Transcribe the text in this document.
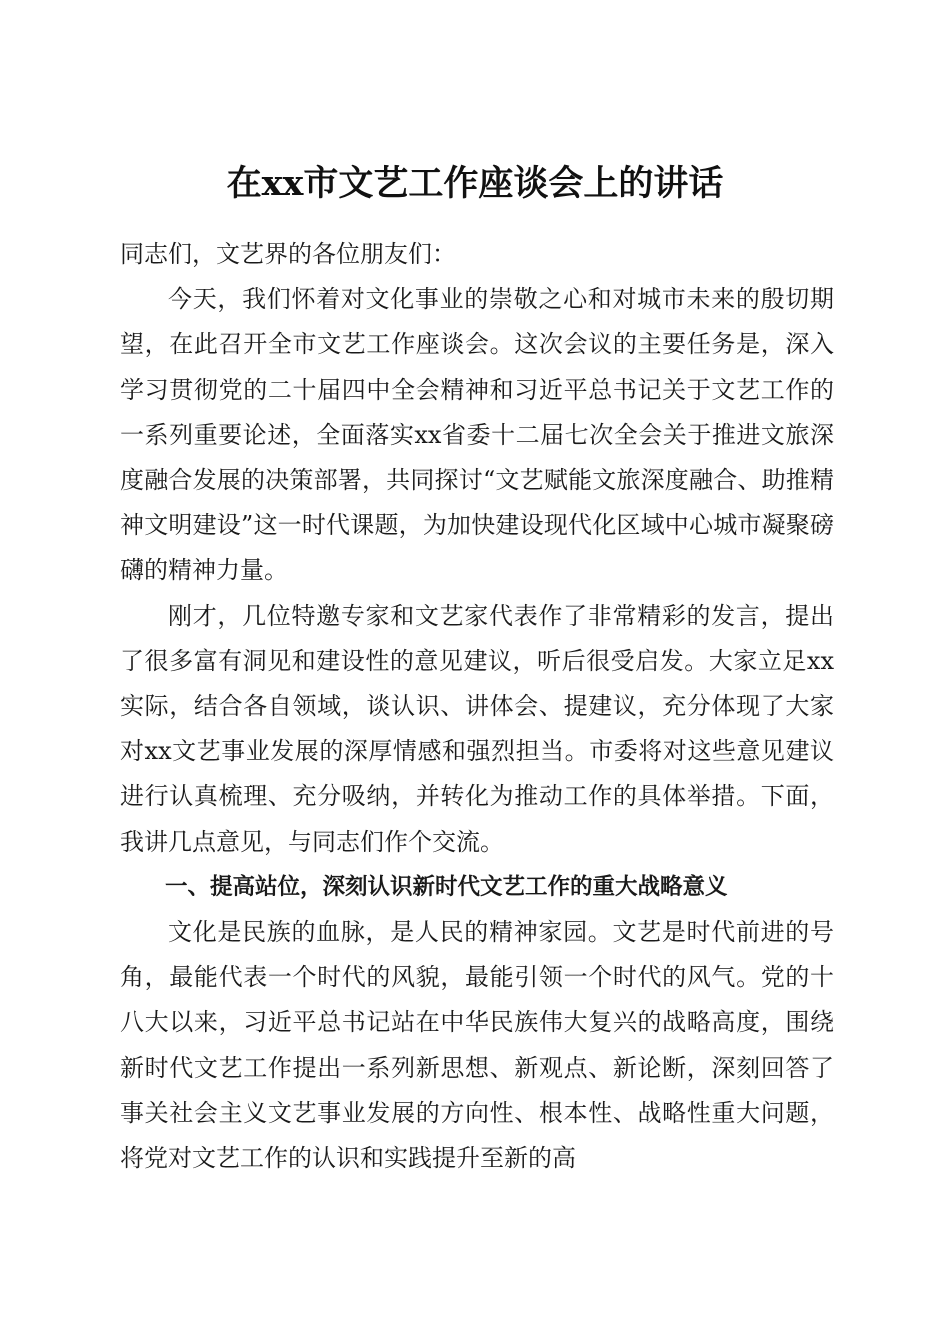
在xx市文艺工作座谈会上的讲话

同志们，文艺界的各位朋友们：

今天，我们怀着对文化事业的崇敬之心和对城市未来的殷切期望，在此召开全市文艺工作座谈会。这次会议的主要任务是，深入学习贯彻党的二十届四中全会精神和习近平总书记关于文艺工作的一系列重要论述，全面落实xx省委十二届七次全会关于推进文旅深度融合发展的决策部署，共同探讨“文艺赋能文旅深度融合、助推精神文明建设”这一时代课题，为加快建设现代化区域中心城市凝聚磅礴的精神力量。

刚才，几位特邀专家和文艺家代表作了非常精彩的发言，提出了很多富有洞见和建设性的意见建议，听后很受启发。大家立足xx实际，结合各自领域，谈认识、讲体会、提建议，充分体现了大家对xx文艺事业发展的深厚情感和强烈担当。市委将对这些意见建议进行认真梳理、充分吸纳，并转化为推动工作的具体举措。下面，我讲几点意见，与同志们作个交流。

一、提高站位，深刻认识新时代文艺工作的重大战略意义

文化是民族的血脉，是人民的精神家园。文艺是时代前进的号角，最能代表一个时代的风貌，最能引领一个时代的风气。党的十八大以来，习近平总书记站在中华民族伟大复兴的战略高度，围绕新时代文艺工作提出一系列新思想、新观点、新论断，深刻回答了事关社会主义文艺事业发展的方向性、根本性、战略性重大问题，将党对文艺工作的认识和实践提升至新的高
